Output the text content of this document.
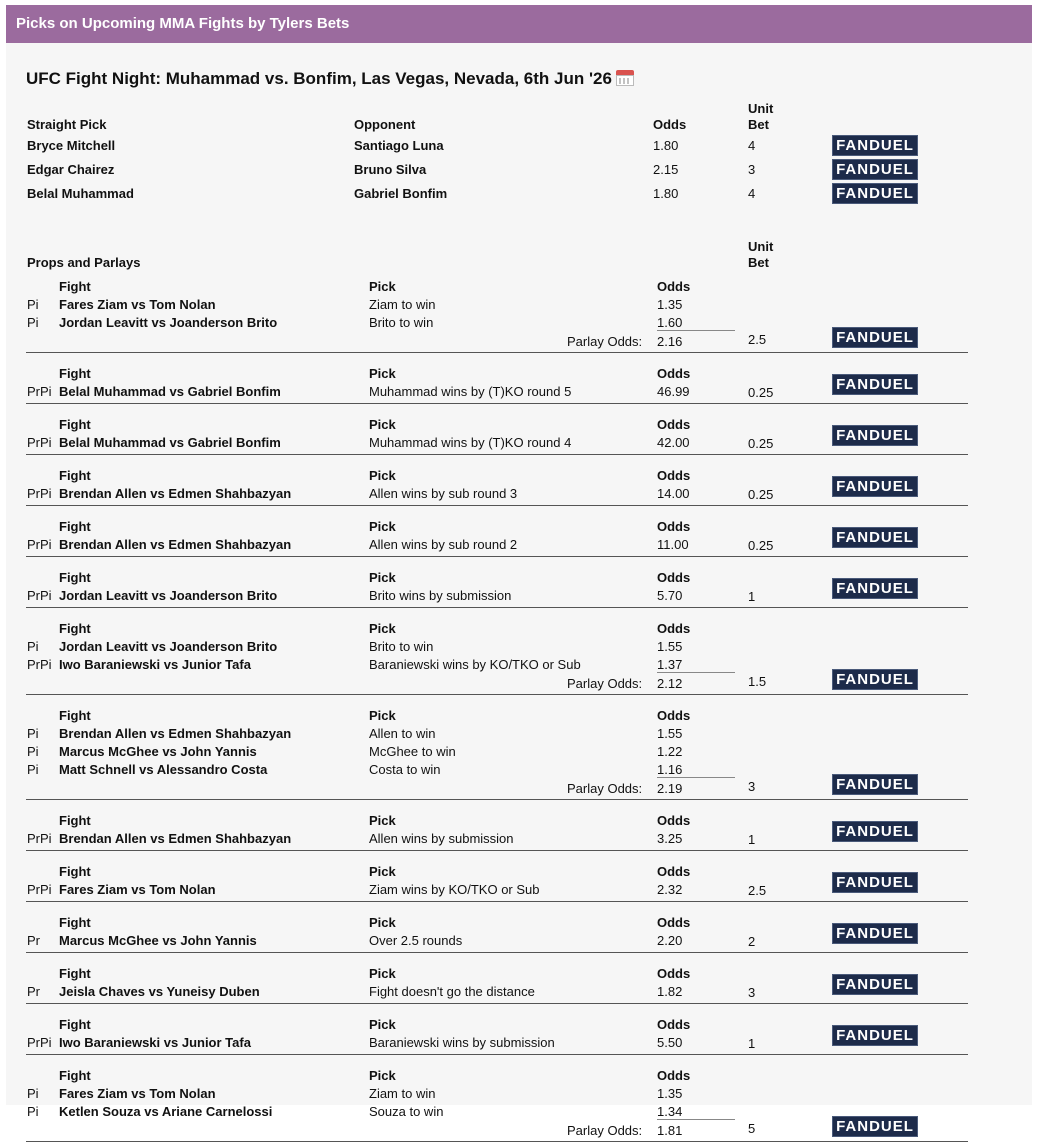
Picks on Upcoming MMA Fights by Tylers Bets
UFC Fight Night: Muhammad vs. Bonfim, Las Vegas, Nevada, 6th Jun '26
Straight Pick	Opponent	Odds
Unit
Bet
Bryce Mitchell	Santiago Luna	1.80	4	FANDUEL
Edgar Chairez	Bruno Silva	2.15	3	FANDUEL
Belal Muhammad	Gabriel Bonfim	1.80	4	FANDUEL
Props and Parlays
Unit
Bet
Fight	Pick	Odds
Pi Fares Ziam vs Tom Nolan	Ziam to win	1.35
Pi Jordan Leavitt vs Joanderson Brito	Brito to win	1.60
Parlay Odds: 2.16	2.5	FANDUEL
Fight	Pick	Odds
PrPi Belal Muhammad vs Gabriel Bonfim	Muhammad wins by (T)KO round 5	46.99	0.25	FANDUEL
Fight	Pick	Odds
PrPi Belal Muhammad vs Gabriel Bonfim	Muhammad wins by (T)KO round 4	42.00	0.25	FANDUEL
Fight	Pick	Odds
PrPi Brendan Allen vs Edmen Shahbazyan	Allen wins by sub round 3	14.00	0.25	FANDUEL
Fight	Pick	Odds
PrPi Brendan Allen vs Edmen Shahbazyan	Allen wins by sub round 2	11.00	0.25	FANDUEL
Fight	Pick	Odds
PrPi Jordan Leavitt vs Joanderson Brito	Brito wins by submission	5.70	1	FANDUEL
Fight	Pick	Odds
Pi Jordan Leavitt vs Joanderson Brito	Brito to win	1.55
PrPi Iwo Baraniewski vs Junior Tafa	Baraniewski wins by KO/TKO or Sub	1.37
Parlay Odds: 2.12	1.5	FANDUEL
Fight	Pick	Odds
Pi Brendan Allen vs Edmen Shahbazyan	Allen to win	1.55
Pi Marcus McGhee vs John Yannis	McGhee to win	1.22
Pi Matt Schnell vs Alessandro Costa	Costa to win	1.16
Parlay Odds: 2.19	3	FANDUEL
Fight	Pick	Odds
PrPi Brendan Allen vs Edmen Shahbazyan	Allen wins by submission	3.25	1	FANDUEL
Fight	Pick	Odds
PrPi Fares Ziam vs Tom Nolan	Ziam wins by KO/TKO or Sub	2.32	2.5	FANDUEL
Fight	Pick	Odds
Pr Marcus McGhee vs John Yannis	Over 2.5 rounds	2.20	2	FANDUEL
Fight	Pick	Odds
Pr Jeisla Chaves vs Yuneisy Duben	Fight doesn't go the distance	1.82	3	FANDUEL
Fight	Pick	Odds
PrPi Iwo Baraniewski vs Junior Tafa	Baraniewski wins by submission	5.50	1	FANDUEL
Fight	Pick	Odds
Pi Fares Ziam vs Tom Nolan	Ziam to win	1.35
Pi Ketlen Souza vs Ariane Carnelossi	Souza to win	1.34
Parlay Odds: 1.81	5	FANDUEL
